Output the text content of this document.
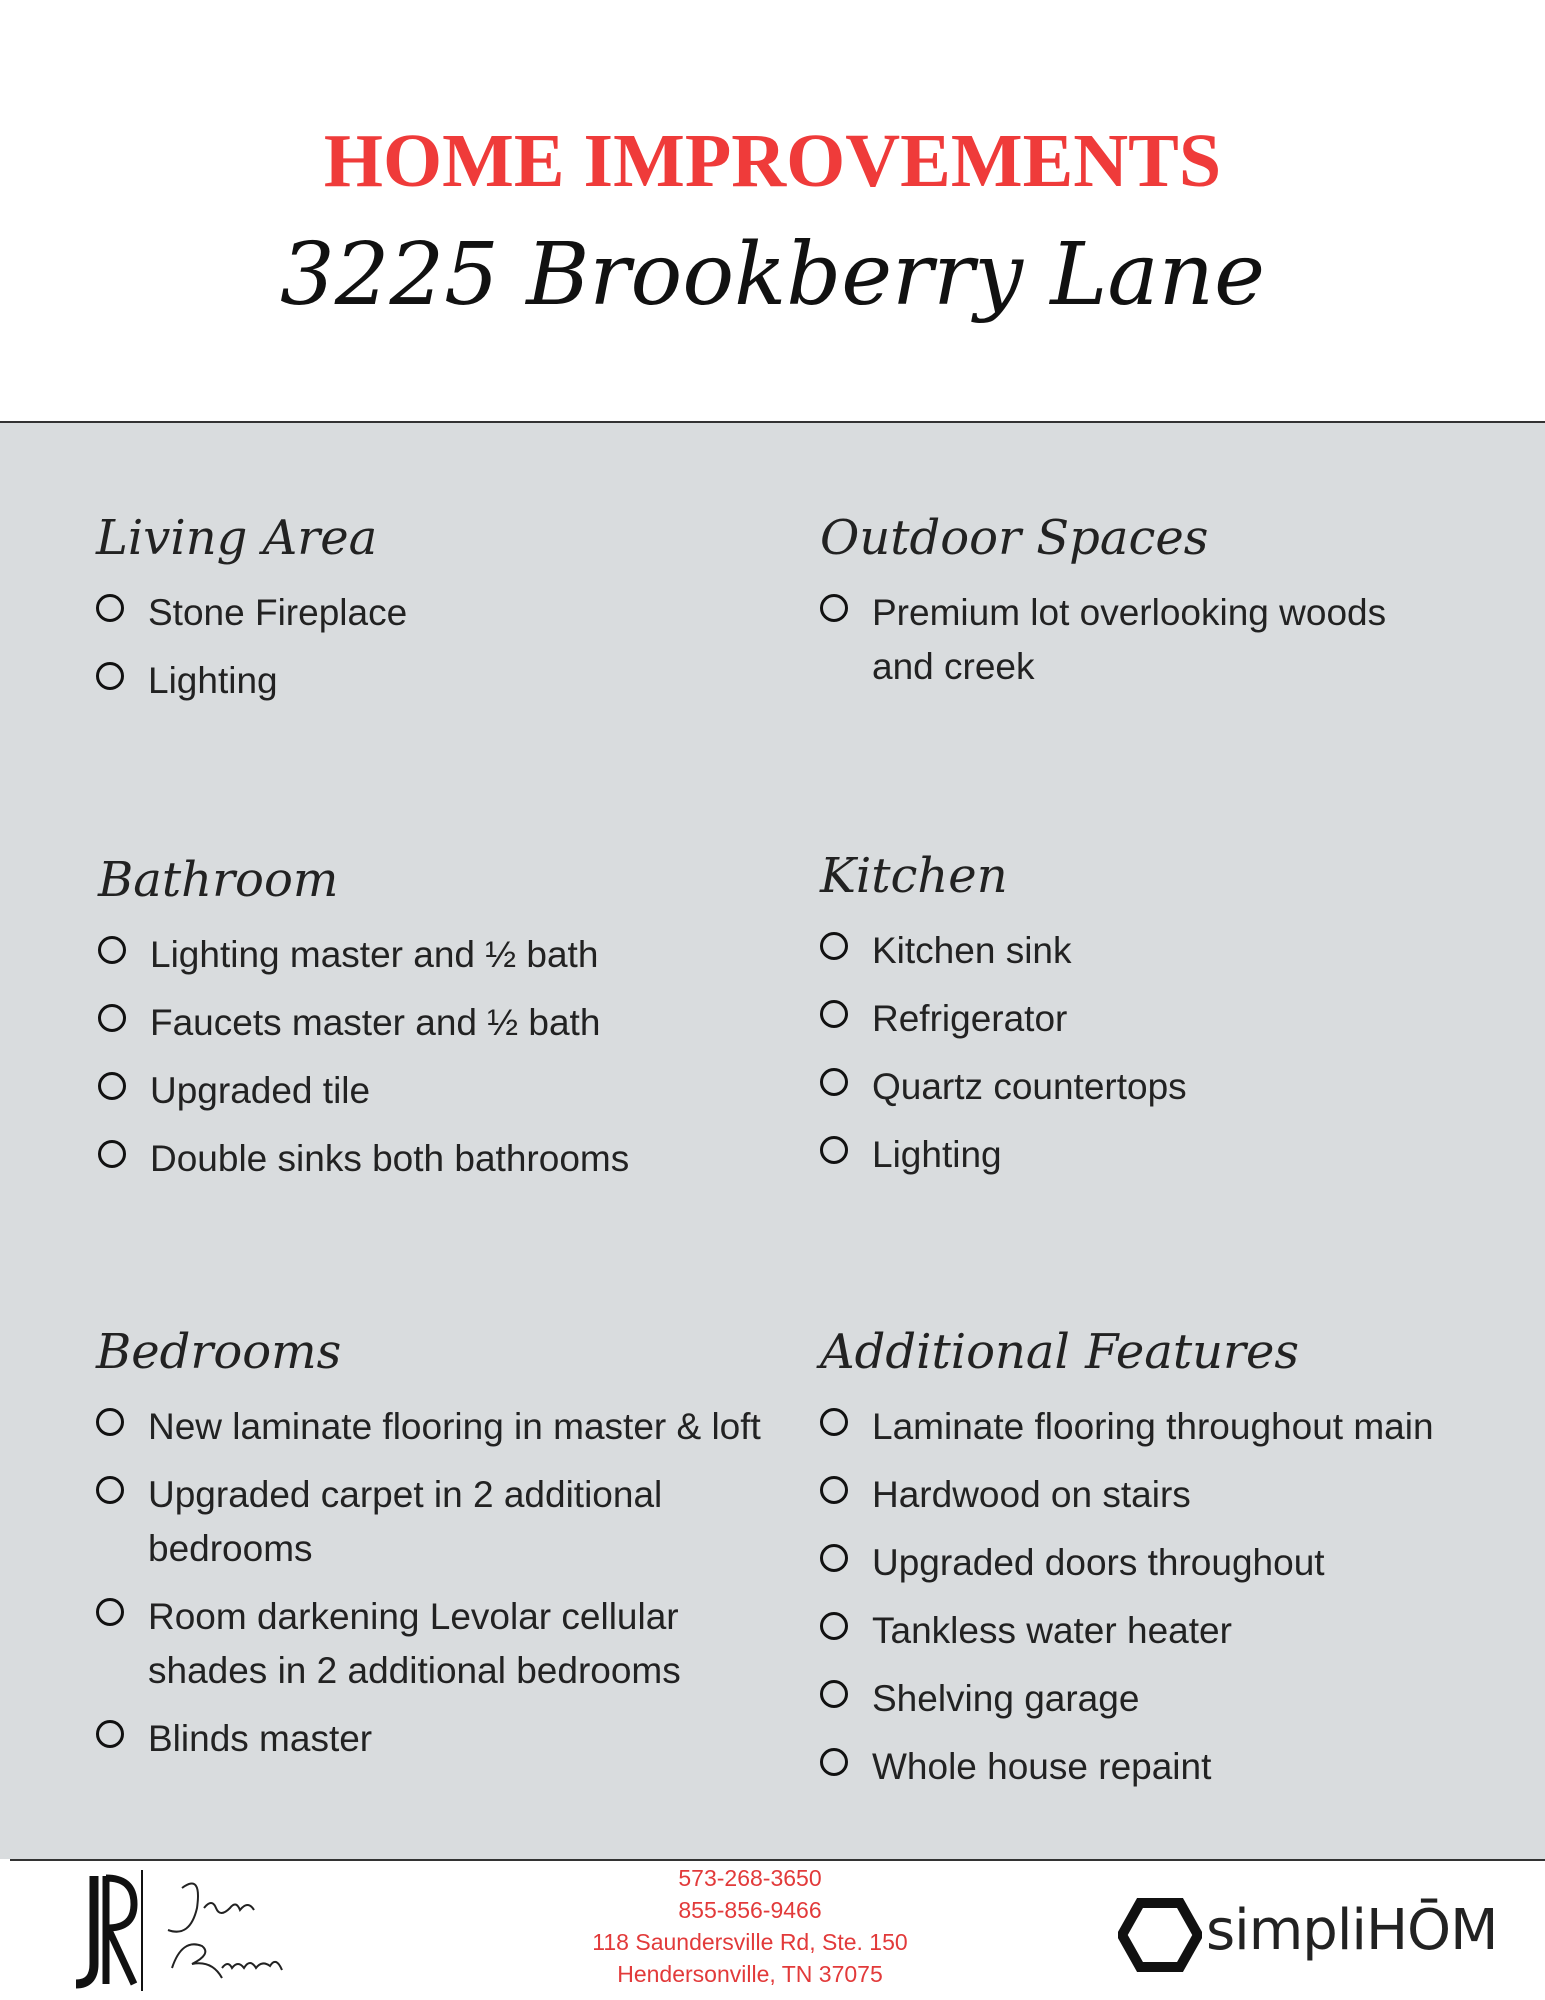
HOME IMPROVEMENTS
3225 Brookberry Lane
Living Area
Stone Fireplace
Lighting
Outdoor Spaces
Premium lot overlooking woods and creek
Bathroom
Lighting master and ½ bath
Faucets master and ½ bath
Upgraded tile
Double sinks both bathrooms
Kitchen
Kitchen sink
Refrigerator
Quartz countertops
Lighting
Bedrooms
New laminate flooring in master & loft
Upgraded carpet in 2 additional bedrooms
Room darkening Levolar cellular shades in 2 additional bedrooms
Blinds master
Additional Features
Laminate flooring throughout main
Hardwood on stairs
Upgraded doors throughout
Tankless water heater
Shelving garage
Whole house repaint
573-268-3650
855-856-9466
118 Saundersville Rd, Ste. 150
Hendersonville, TN 37075
simpliHŌM
